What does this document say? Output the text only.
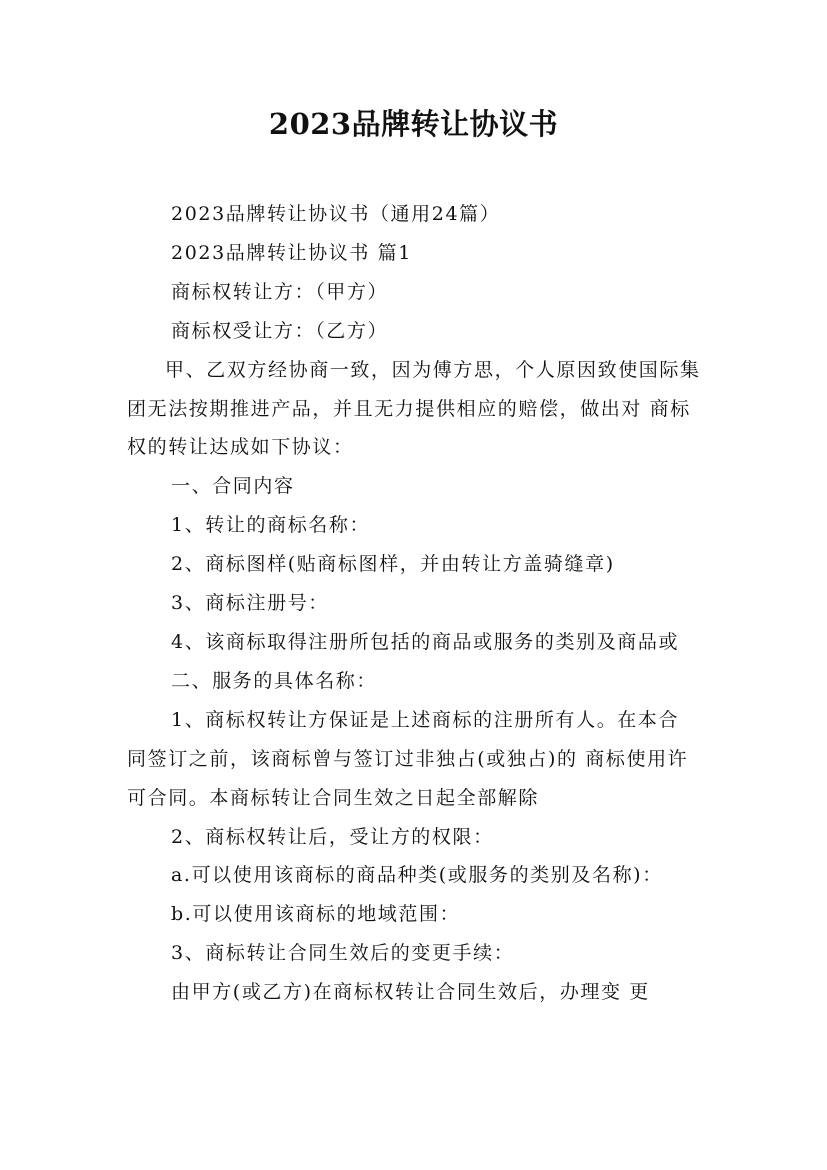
2023品牌转让协议书

2023品牌转让协议书（通用24篇）

2023品牌转让协议书 篇1

商标权转让方：（甲方）

商标权受让方：（乙方）

甲、乙双方经协商一致，因为傅方思，个人原因致使国际集团无法按期推进产品，并且无力提供相应的赔偿，做出对 商标权的转让达成如下协议：

一、合同内容

1、转让的商标名称：

2、商标图样(贴商标图样，并由转让方盖骑缝章)

3、商标注册号：

4、该商标取得注册所包括的商品或服务的类别及商品或

二、服务的具体名称：

1、商标权转让方保证是上述商标的注册所有人。在本合 同签订之前，该商标曾与签订过非独占(或独占)的 商标使用许可合同。本商标转让合同生效之日起全部解除

2、商标权转让后，受让方的权限：

a.可以使用该商标的商品种类(或服务的类别及名称)：

b.可以使用该商标的地域范围：

3、商标转让合同生效后的变更手续：

由甲方(或乙方)在商标权转让合同生效后，办理变 更
